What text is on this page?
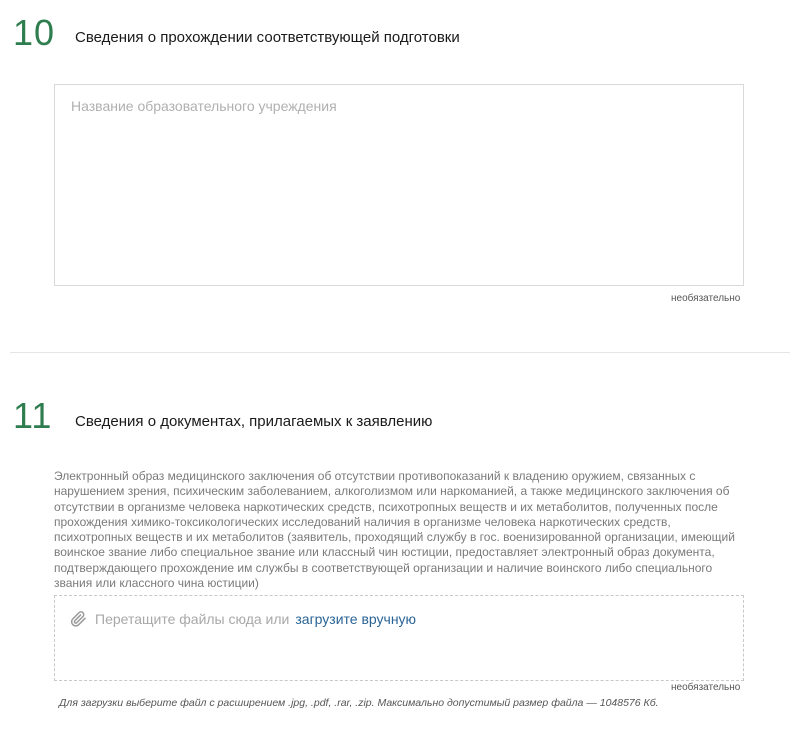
10 Сведения о прохождении соответствующей подготовки
Название образовательного учреждения
необязательно
11 Сведения о документах, прилагаемых к заявлению

Электронный образ медицинского заключения об отсутствии противопоказаний к владению оружием, связанных с нарушением зрения, психическим заболеванием, алкоголизмом или наркоманией, а также медицинского заключения об отсутствии в организме человека наркотических средств, психотропных веществ и их метаболитов, полученных после прохождения химико-токсикологических исследований наличия в организме человека наркотических средств, психотропных веществ и их метаболитов (заявитель, проходящий службу в гос. военизированной организации, имеющий воинское звание либо специальное звание или классный чин юстиции, предоставляет электронный образ документа, подтверждающего прохождение им службы в соответствующей организации и наличие воинского либо специального звания или классного чина юстиции)

Перетащите файлы сюда или загрузите вручную
необязательно
Для загрузки выберите файл с расширением .jpg, .pdf, .rar, .zip. Максимально допустимый размер файла — 1048576 Кб.
